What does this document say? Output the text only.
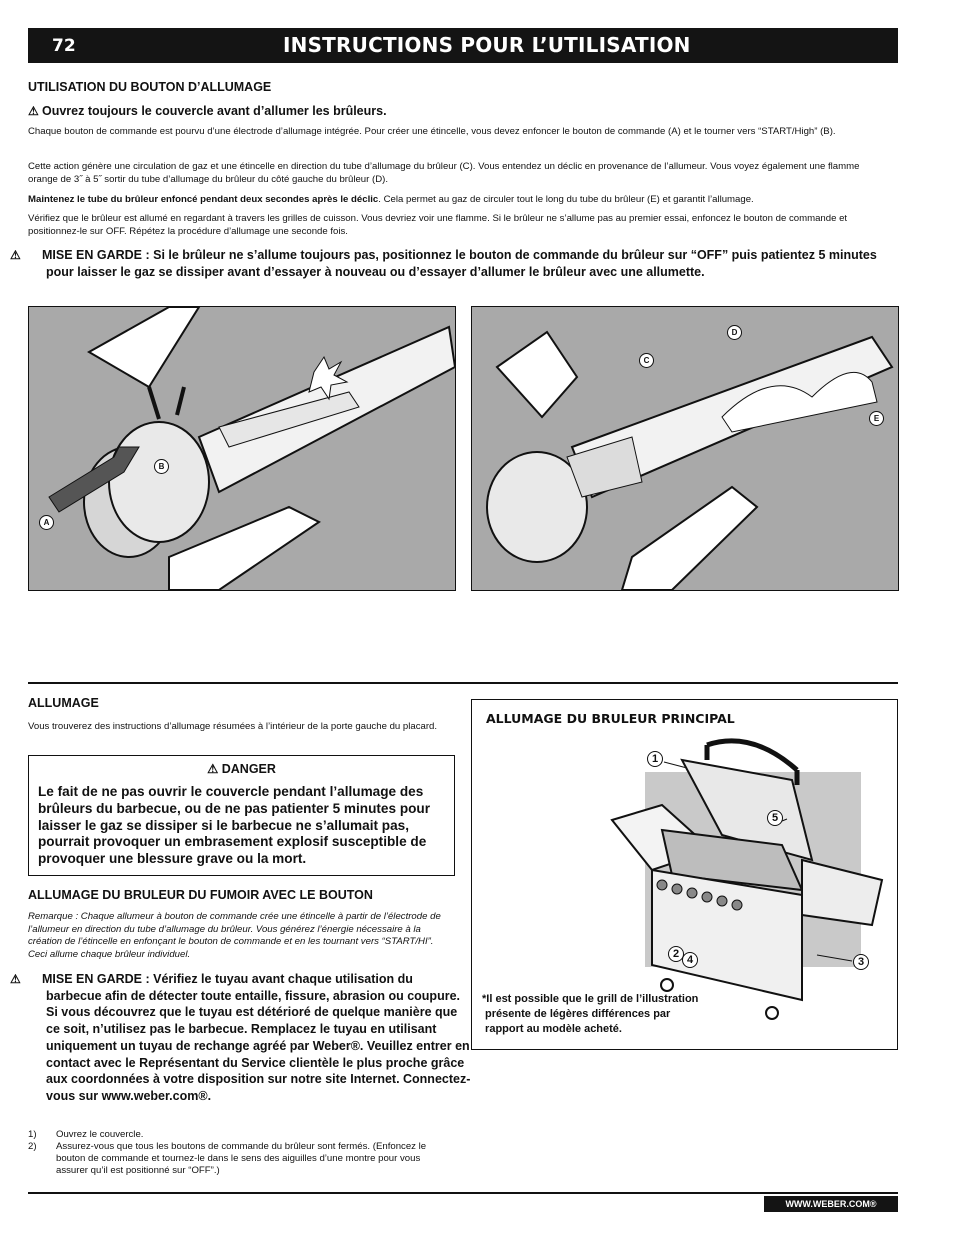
72	INSTRUCTIONS POUR L’UTILISATION
UTILISATION DU BOUTON D’ALLUMAGE
⚠ Ouvrez toujours le couvercle avant d’allumer les brûleurs.
Chaque bouton de commande est pourvu d’une électrode d’allumage intégrée. Pour créer une étincelle, vous devez enfoncer le bouton de commande (A) et le tourner vers “START/High” (B).
Cette action génère une circulation de gaz et une étincelle en direction du tube d’allumage du brûleur (C). Vous entendez un déclic en provenance de l’allumeur. Vous voyez également une flamme orange de 3˝ à 5˝ sortir du tube d’allumage du brûleur du côté gauche du brûleur (D).
Maintenez le tube du brûleur enfoncé pendant deux secondes après le déclic. Cela permet au gaz de circuler tout le long du tube du brûleur (E) et garantit l’allumage.
Vérifiez que le brûleur est allumé en regardant à travers les grilles de cuisson. Vous devriez voir une flamme. Si le brûleur ne s’allume pas au premier essai, enfoncez le bouton de commande et positionnez-le sur OFF. Répétez la procédure d’allumage une seconde fois.
⚠ MISE EN GARDE : Si le brûleur ne s’allume toujours pas, positionnez le bouton de commande du brûleur sur “OFF” puis patientez 5 minutes pour laisser le gaz se dissiper avant d’essayer à nouveau ou d’essayer d’allumer le brûleur avec une allumette.
B
A
C
D
E
ALLUMAGE
Vous trouverez des instructions d’allumage résumées à l’intérieur de la porte gauche du placard.
⚠ DANGER
Le fait de ne pas ouvrir le couvercle pendant l’allumage des brûleurs du barbecue, ou de ne pas patienter 5 minutes pour laisser le gaz se dissiper si le barbecue ne s’allumait pas, pourrait provoquer un embrasement explosif susceptible de provoquer une blessure grave ou la mort.
ALLUMAGE DU BRULEUR DU FUMOIR AVEC LE BOUTON
Remarque : Chaque allumeur à bouton de commande crée une étincelle à partir de l’électrode de l’allumeur en direction du tube d’allumage du brûleur. Vous générez l’énergie nécessaire à la création de l’étincelle en enfonçant le bouton de commande et en les tournant vers “START/HI”. Ceci allume chaque brûleur individuel.
⚠ MISE EN GARDE : Vérifiez le tuyau avant chaque utilisation du barbecue afin de détecter toute entaille, fissure, abrasion ou coupure. Si vous découvrez que le tuyau est détérioré de quelque manière que ce soit, n’utilisez pas le barbecue. Remplacez le tuyau en utilisant uniquement un tuyau de rechange agréé par Weber®. Veuillez entrer en contact avec le Représentant du Service clientèle le plus proche grâce aux coordonnées à votre disposition sur notre site Internet. Connectez-vous sur www.weber.com®.
1)	Ouvrez le couvercle.
2)	Assurez-vous que tous les boutons de commande du brûleur sont fermés. (Enfoncez le bouton de commande et tournez-le dans le sens des aiguilles d’une montre pour vous assurer qu’il est positionné sur “OFF”.)
ALLUMAGE DU BRULEUR PRINCIPAL
1
5
2 4	3
*Il est possible que le grill de l’illustration
présente de légères différences par
rapport au modèle acheté.
WWW.WEBER.COM®
